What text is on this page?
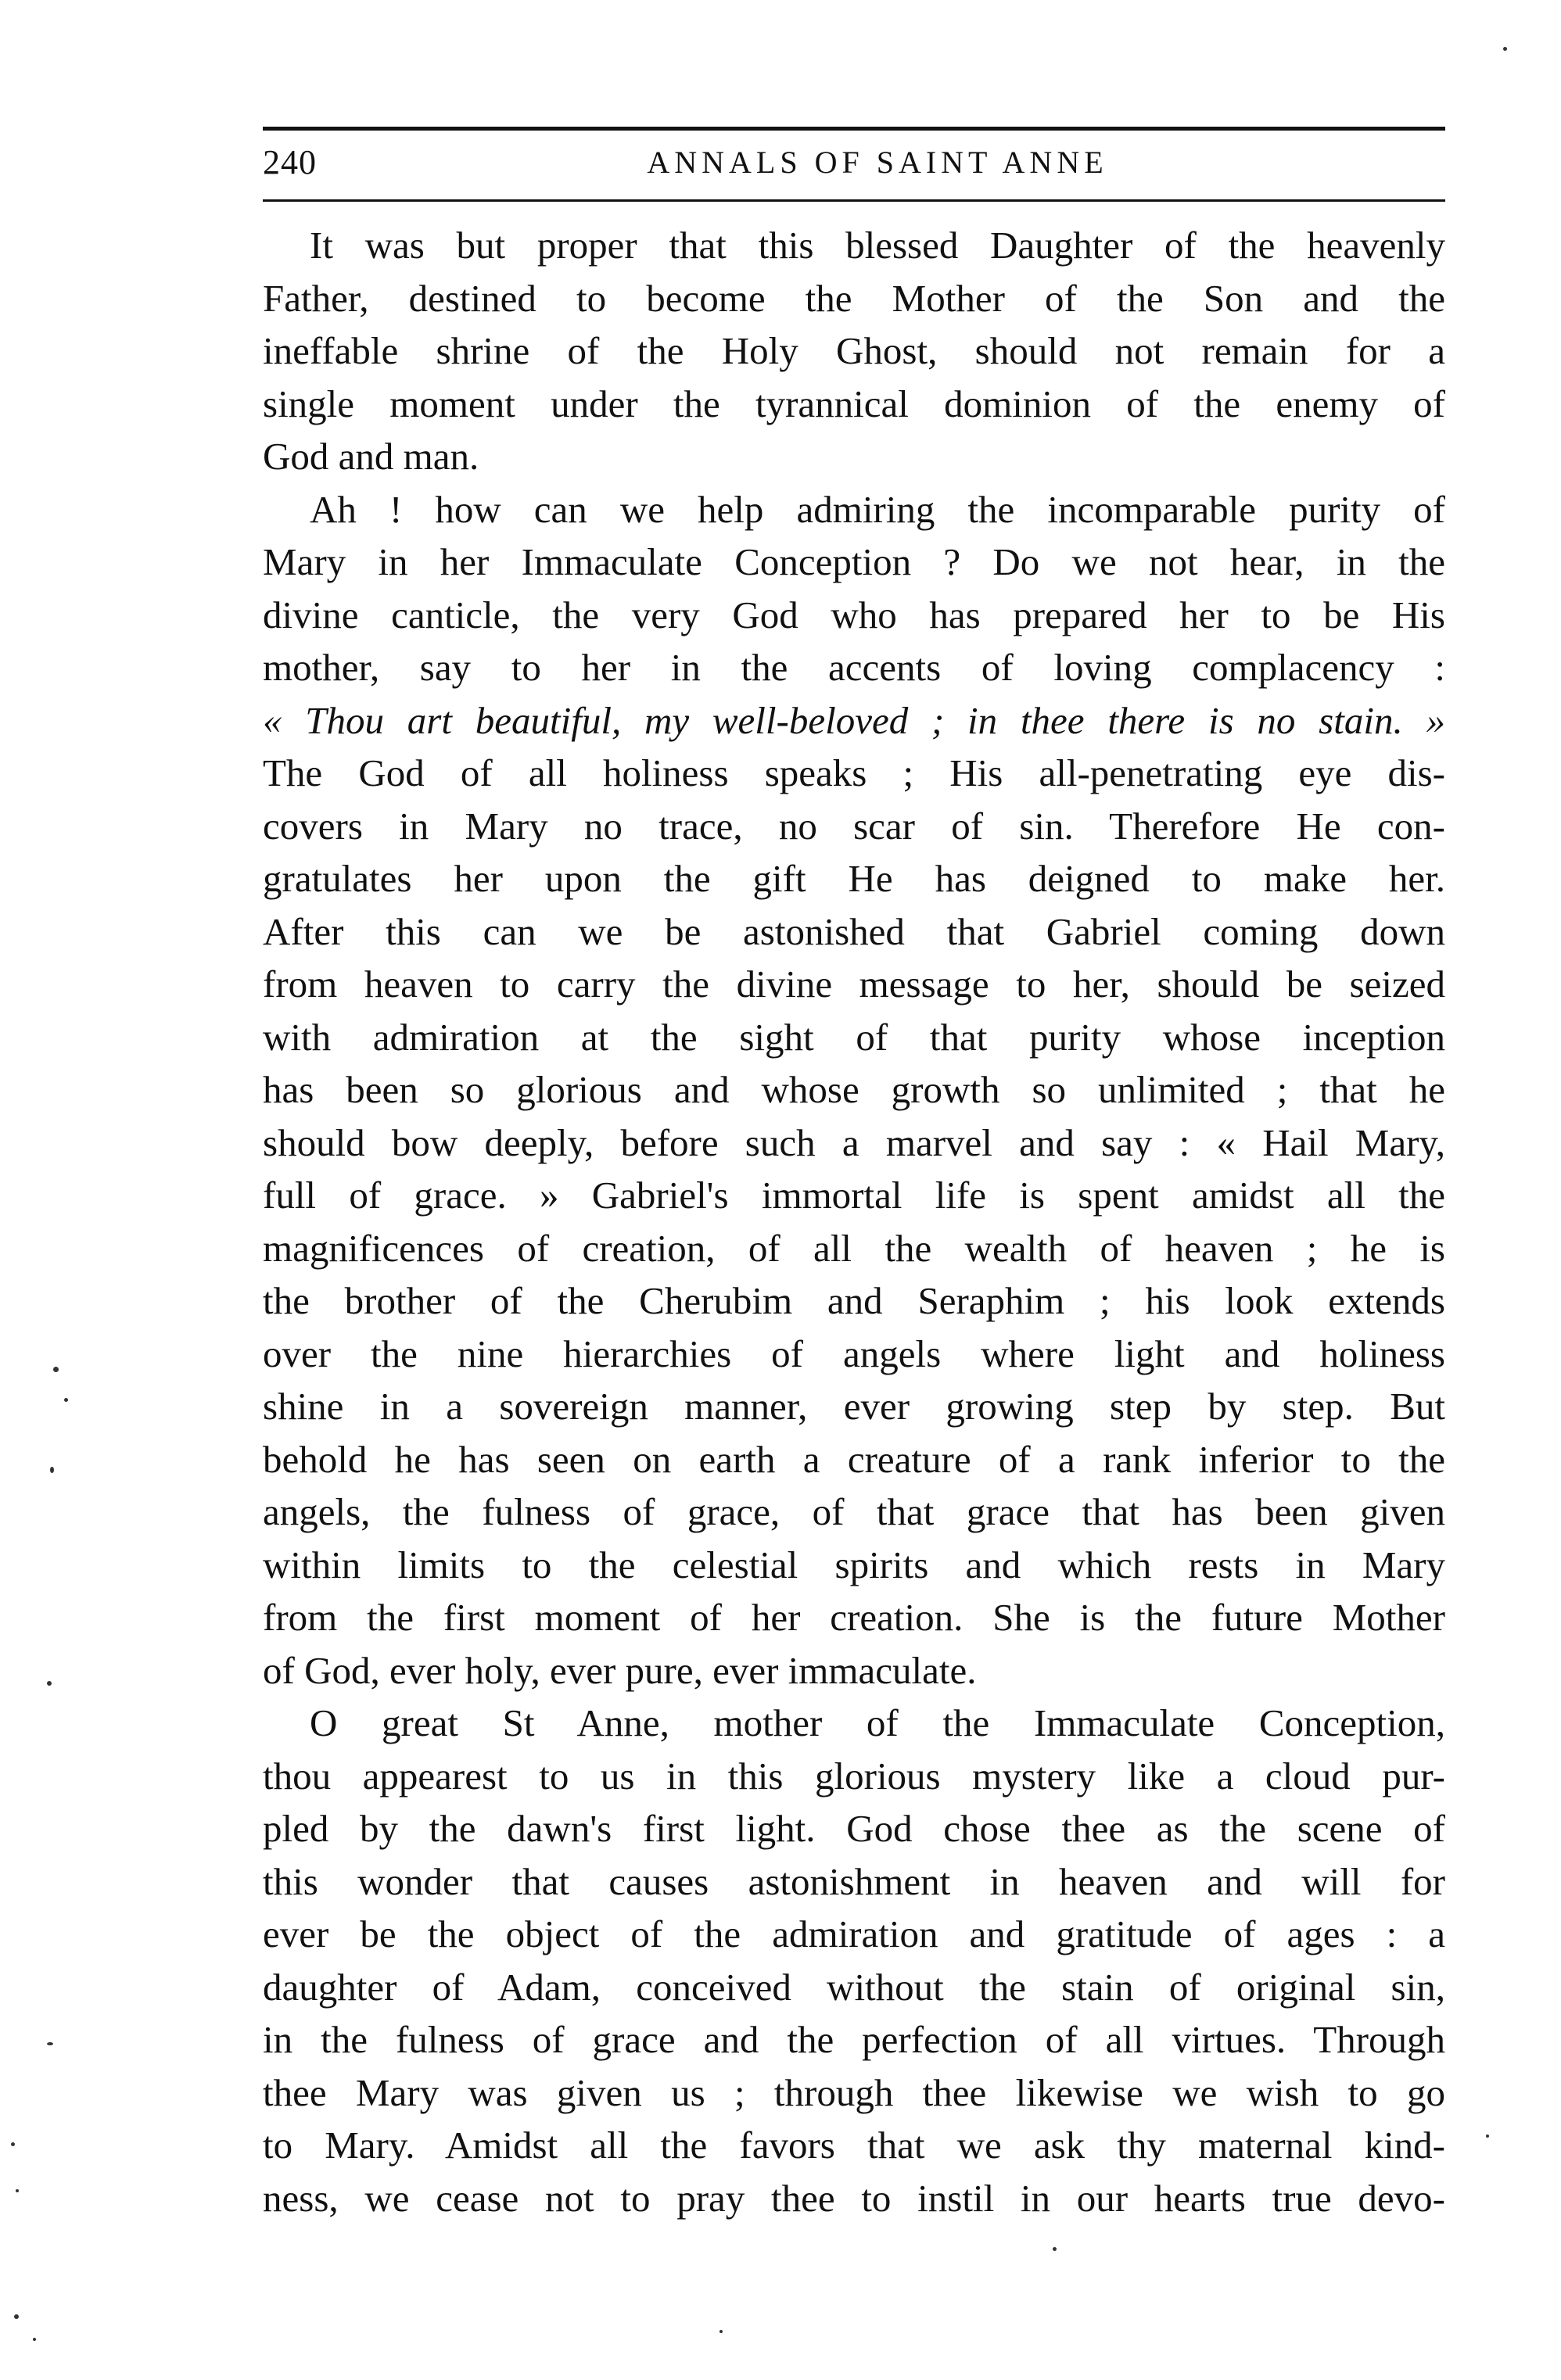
240	ANNALS OF SAINT ANNE
It was but proper that this blessed Daughter of the heavenly
Father, destined to become the Mother of the Son and the
ineffable shrine of the Holy Ghost, should not remain for a
single moment under the tyrannical dominion of the enemy of
God and man.
Ah ! how can we help admiring the incomparable purity of
Mary in her Immaculate Conception ? Do we not hear, in the
divine canticle, the very God who has prepared her to be His
mother, say to her in the accents of loving complacency :
« Thou art beautiful, my well-beloved ; in thee there is no stain. »
The God of all holiness speaks ; His all-penetrating eye dis-
covers in Mary no trace, no scar of sin. Therefore He con-
gratulates her upon the gift He has deigned to make her.
After this can we be astonished that Gabriel coming down
from heaven to carry the divine message to her, should be seized
with admiration at the sight of that purity whose inception
has been so glorious and whose growth so unlimited ; that he
should bow deeply, before such a marvel and say : « Hail Mary,
full of grace. » Gabriel's immortal life is spent amidst all the
magnificences of creation, of all the wealth of heaven ; he is
the brother of the Cherubim and Seraphim ; his look extends
over the nine hierarchies of angels where light and holiness
shine in a sovereign manner, ever growing step by step. But
behold he has seen on earth a creature of a rank inferior to the
angels, the fulness of grace, of that grace that has been given
within limits to the celestial spirits and which rests in Mary
from the first moment of her creation. She is the future Mother
of God, ever holy, ever pure, ever immaculate.
O great St Anne, mother of the Immaculate Conception,
thou appearest to us in this glorious mystery like a cloud pur-
pled by the dawn's first light. God chose thee as the scene of
this wonder that causes astonishment in heaven and will for
ever be the object of the admiration and gratitude of ages : a
daughter of Adam, conceived without the stain of original sin,
in the fulness of grace and the perfection of all virtues. Through
thee Mary was given us ; through thee likewise we wish to go
to Mary. Amidst all the favors that we ask thy maternal kind-
ness, we cease not to pray thee to instil in our hearts true devo-
